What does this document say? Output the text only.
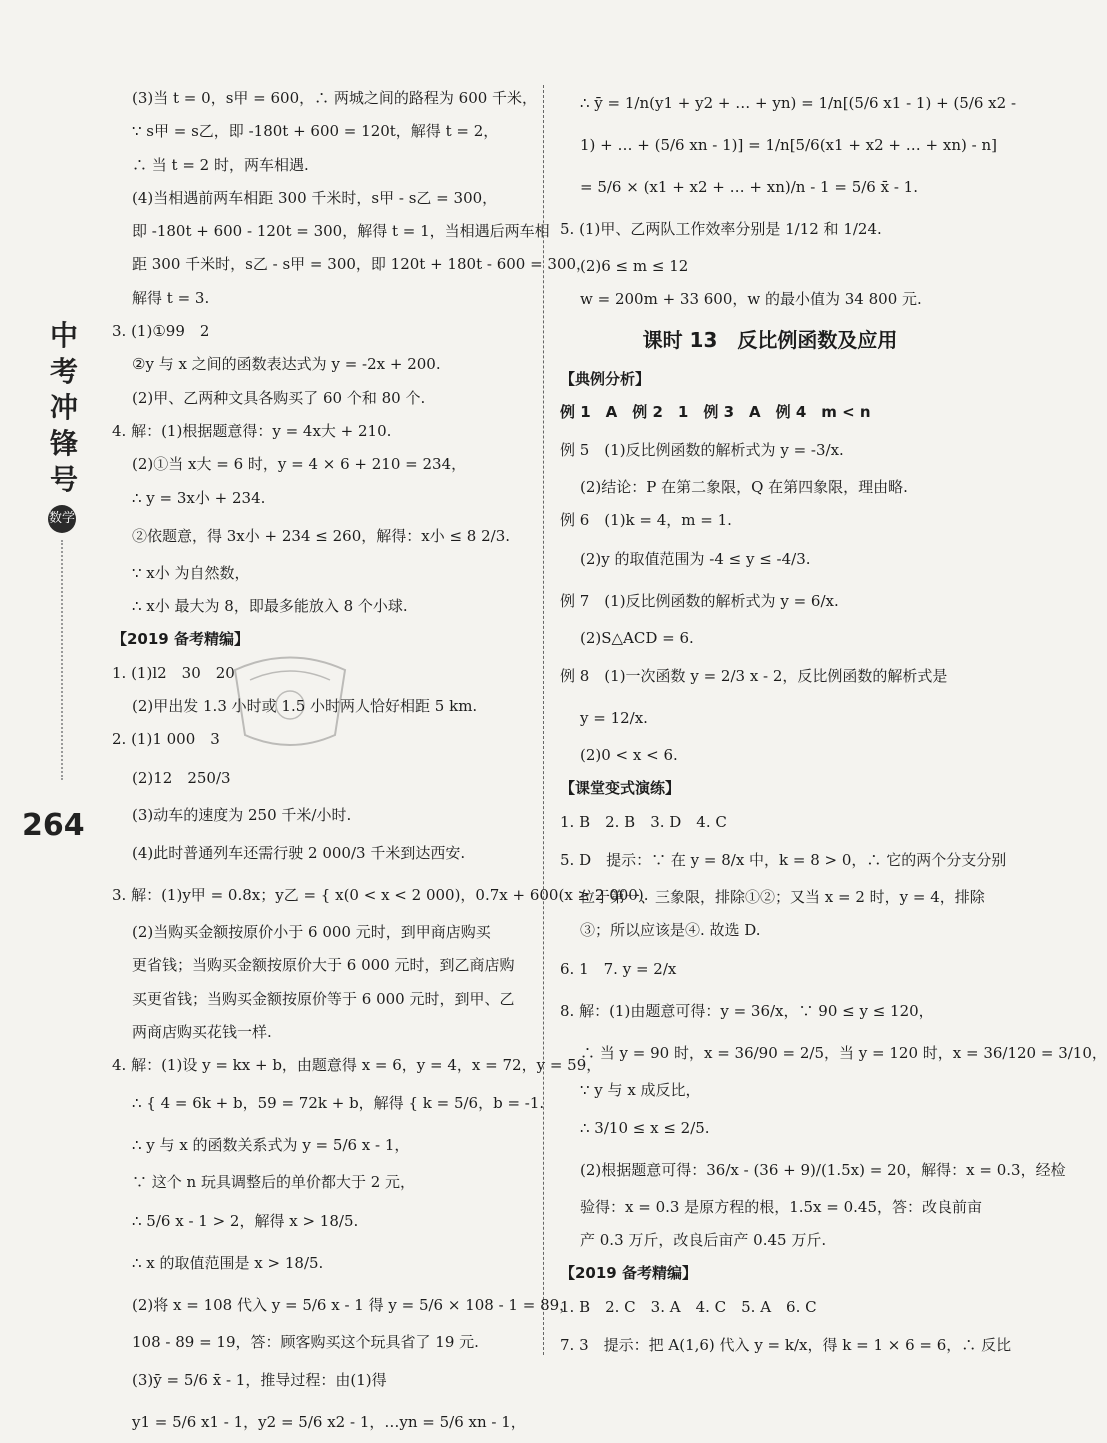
中
考
冲
锋
号
数学
264
(3)当 t = 0，s甲 = 600，∴ 两城之间的路程为 600 千米，
∵ s甲 = s乙，即 -180t + 600 = 120t，解得 t = 2，
∴ 当 t = 2 时，两车相遇.
(4)当相遇前两车相距 300 千米时，s甲 - s乙 = 300，
即 -180t + 600 - 120t = 300，解得 t = 1，当相遇后两车相
距 300 千米时，s乙 - s甲 = 300，即 120t + 180t - 600 = 300，
解得 t = 3.
3. (1)①99　2
②y 与 x 之间的函数表达式为 y = -2x + 200.
(2)甲、乙两种文具各购买了 60 个和 80 个.
4. 解：(1)根据题意得：y = 4x大 + 210.
(2)①当 x大 = 6 时，y = 4 × 6 + 210 = 234，
∴ y = 3x小 + 234.
②依题意，得 3x小 + 234 ≤ 260，解得：x小 ≤ 8 2/3.
∵ x小 为自然数，
∴ x小 最大为 8，即最多能放入 8 个小球.
【2019 备考精编】
1. (1)l2　30　20
(2)甲出发 1.3 小时或 1.5 小时两人恰好相距 5 km.
2. (1)1 000　3
(2)12　250/3
(3)动车的速度为 250 千米/小时.
(4)此时普通列车还需行驶 2 000/3 千米到达西安.
3. 解：(1)y甲 = 0.8x；y乙 = { x(0 < x < 2 000)，0.7x + 600(x ≥ 2 000).
(2)当购买金额按原价小于 6 000 元时，到甲商店购买
更省钱；当购买金额按原价大于 6 000 元时，到乙商店购
买更省钱；当购买金额按原价等于 6 000 元时，到甲、乙
两商店购买花钱一样.
4. 解：(1)设 y = kx + b，由题意得 x = 6，y = 4，x = 72，y = 59，
∴ { 4 = 6k + b，59 = 72k + b，解得 { k = 5/6，b = -1.
∴ y 与 x 的函数关系式为 y = 5/6 x - 1，
∵ 这个 n 玩具调整后的单价都大于 2 元，
∴ 5/6 x - 1 > 2，解得 x > 18/5.
∴ x 的取值范围是 x > 18/5.
(2)将 x = 108 代入 y = 5/6 x - 1 得 y = 5/6 × 108 - 1 = 89，
108 - 89 = 19，答：顾客购买这个玩具省了 19 元.
(3)ȳ = 5/6 x̄ - 1，推导过程：由(1)得
y1 = 5/6 x1 - 1，y2 = 5/6 x2 - 1，…yn = 5/6 xn - 1，
∴ ȳ = 1/n(y1 + y2 + … + yn) = 1/n[(5/6 x1 - 1) + (5/6 x2 -
1) + … + (5/6 xn - 1)] = 1/n[5/6(x1 + x2 + … + xn) - n]
= 5/6 × (x1 + x2 + … + xn)/n - 1 = 5/6 x̄ - 1.
5. (1)甲、乙两队工作效率分别是 1/12 和 1/24.
(2)6 ≤ m ≤ 12
w = 200m + 33 600，w 的最小值为 34 800 元.
课时 13　反比例函数及应用
【典例分析】
例 1　A　例 2　1　例 3　A　例 4　m < n
例 5　(1)反比例函数的解析式为 y = -3/x.
(2)结论：P 在第二象限，Q 在第四象限，理由略.
例 6　(1)k = 4，m = 1.
(2)y 的取值范围为 -4 ≤ y ≤ -4/3.
例 7　(1)反比例函数的解析式为 y = 6/x.
(2)S△ACD = 6.
例 8　(1)一次函数 y = 2/3 x - 2，反比例函数的解析式是
y = 12/x.
(2)0 < x < 6.
【课堂变式演练】
1. B　2. B　3. D　4. C
5. D　提示：∵ 在 y = 8/x 中，k = 8 > 0，∴ 它的两个分支分别
位于第一、三象限，排除①②；又当 x = 2 时，y = 4，排除
③；所以应该是④. 故选 D.
6. 1　7. y = 2/x
8. 解：(1)由题意可得：y = 36/x，∵ 90 ≤ y ≤ 120，
∴ 当 y = 90 时，x = 36/90 = 2/5，当 y = 120 时，x = 36/120 = 3/10，
∵ y 与 x 成反比，
∴ 3/10 ≤ x ≤ 2/5.
(2)根据题意可得：36/x - (36 + 9)/(1.5x) = 20，解得：x = 0.3，经检
验得：x = 0.3 是原方程的根，1.5x = 0.45，答：改良前亩
产 0.3 万斤，改良后亩产 0.45 万斤.
【2019 备考精编】
1. B　2. C　3. A　4. C　5. A　6. C
7. 3　提示：把 A(1,6) 代入 y = k/x，得 k = 1 × 6 = 6，∴ 反比
